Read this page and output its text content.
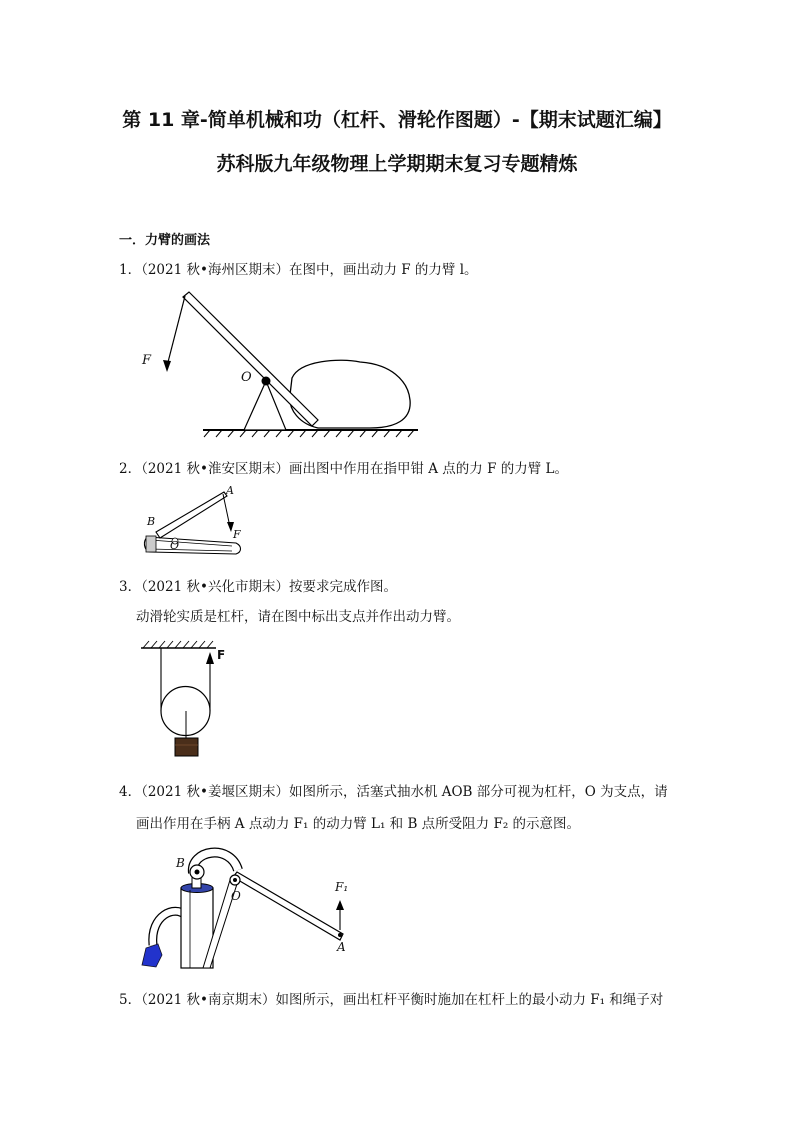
第 11 章-简单机械和功（杠杆、滑轮作图题）-【期末试题汇编】
苏科版九年级物理上学期期末复习专题精炼
一．力臂的画法
1．（2021 秋•海州区期末）在图中，画出动力 F 的力臂 l。
F
O
2．（2021 秋•淮安区期末）画出图中作用在指甲钳 A 点的力 F 的力臂 L。
A
B
O
F
3．（2021 秋•兴化市期末）按要求完成作图。
动滑轮实质是杠杆，请在图中标出支点并作出动力臂。
F
4．（2021 秋•姜堰区期末）如图所示，活塞式抽水机 AOB 部分可视为杠杆，O 为支点，请
画出作用在手柄 A 点动力 F₁ 的动力臂 L₁ 和 B 点所受阻力 F₂ 的示意图。
B
O
F₁
A
5．（2021 秋•南京期末）如图所示，画出杠杆平衡时施加在杠杆上的最小动力 F₁ 和绳子对
